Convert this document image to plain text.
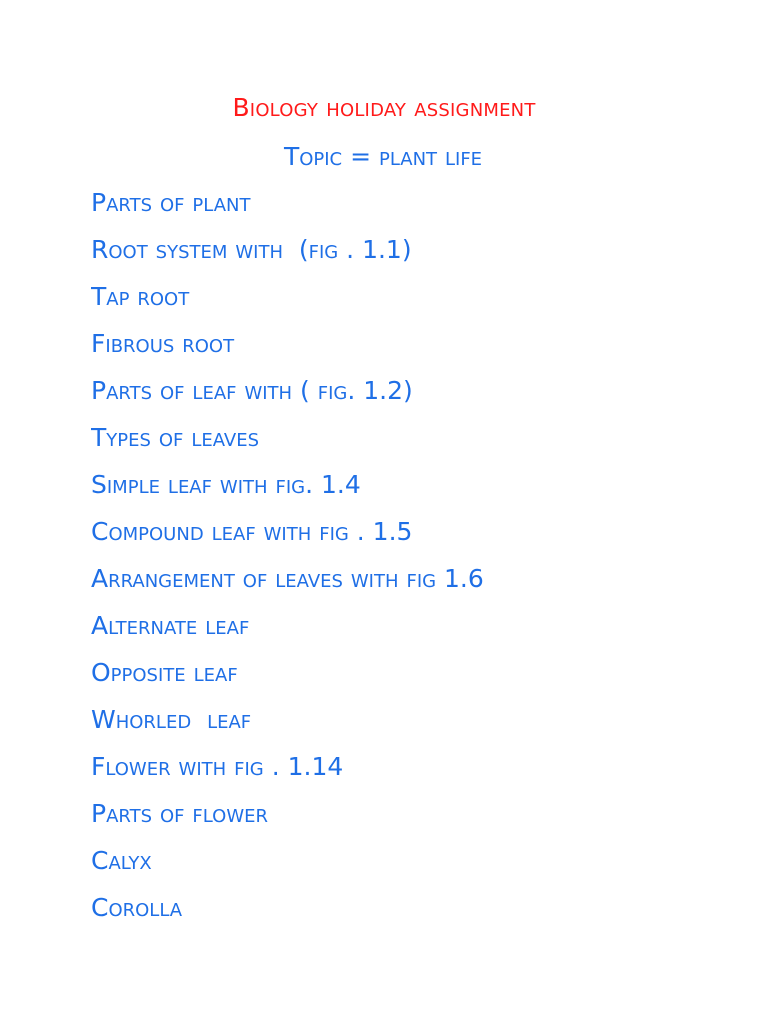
Biology holiday assignment
Topic = plant life
Parts of plant
Root system with  (fig . 1.1)
Tap root
Fibrous root
Parts of leaf with ( fig. 1.2)
Types of leaves
Simple leaf with fig. 1.4
Compound leaf with fig . 1.5
Arrangement of leaves with fig 1.6
Alternate leaf
Opposite leaf
Whorled  leaf
Flower with fig . 1.14
Parts of flower
Calyx
Corolla
